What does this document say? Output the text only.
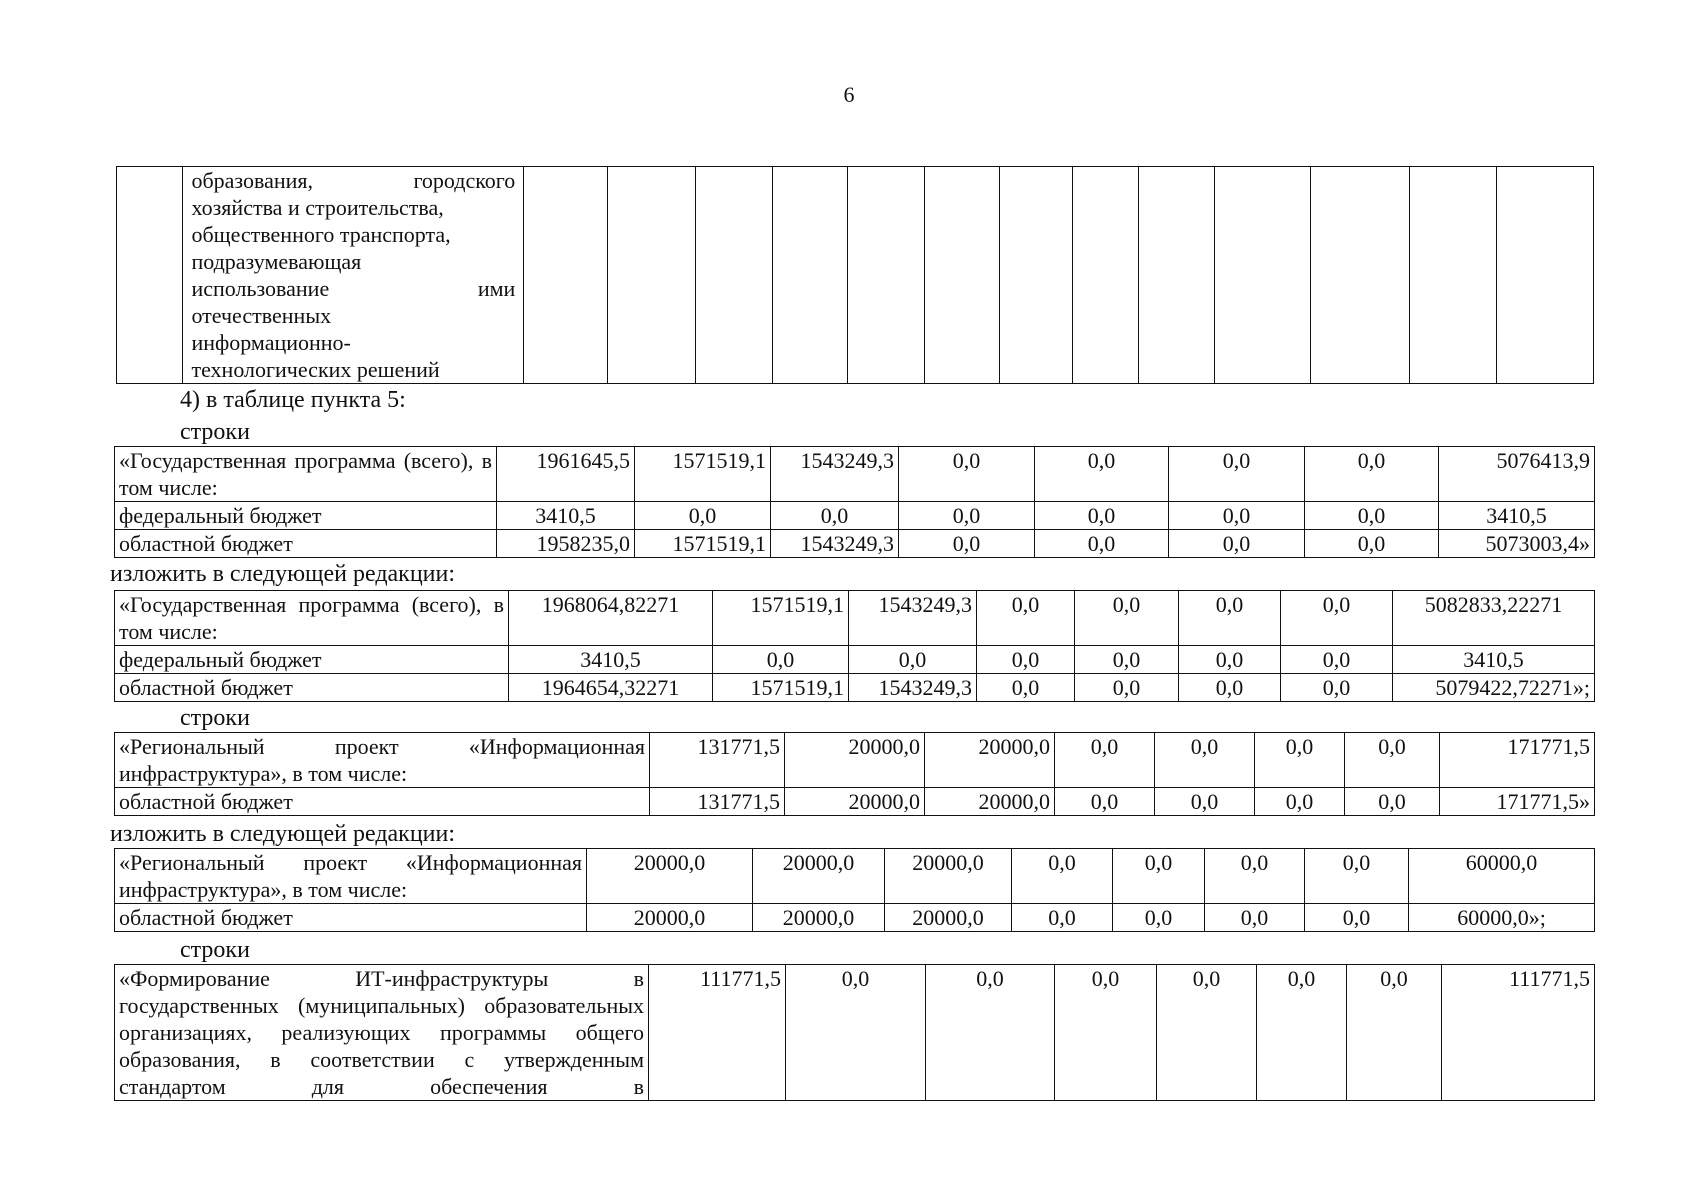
6

образования, городского
хозяйства и строительства,
общественного транспорта,
подразумевающая
использование ими
отечественных
информационно-
технологических решений

4) в таблице пункта 5:
строки
«Государственная программа (всего), в том числе:	1961645,5	1571519,1	1543249,3	0,0	0,0	0,0	0,0	5076413,9
федеральный бюджет	3410,5	0,0	0,0	0,0	0,0	0,0	0,0	3410,5
областной бюджет	1958235,0	1571519,1	1543249,3	0,0	0,0	0,0	0,0	5073003,4»
изложить в следующей редакции:
«Государственная программа (всего), в том числе:	1968064,82271	1571519,1	1543249,3	0,0	0,0	0,0	0,0	5082833,22271
федеральный бюджет	3410,5	0,0	0,0	0,0	0,0	0,0	0,0	3410,5
областной бюджет	1964654,32271	1571519,1	1543249,3	0,0	0,0	0,0	0,0	5079422,72271»;
строки
«Региональный проект «Информационная инфраструктура», в том числе:	131771,5	20000,0	20000,0	0,0	0,0	0,0	0,0	171771,5
областной бюджет	131771,5	20000,0	20000,0	0,0	0,0	0,0	0,0	171771,5»
изложить в следующей редакции:
«Региональный проект «Информационная инфраструктура», в том числе:	20000,0	20000,0	20000,0	0,0	0,0	0,0	0,0	60000,0
областной бюджет	20000,0	20000,0	20000,0	0,0	0,0	0,0	0,0	60000,0»;
строки
«Формирование ИТ-инфраструктуры в государственных (муниципальных) образовательных организациях, реализующих программы общего образования, в соответствии с утвержденным стандартом для обеспечения в	111771,5	0,0	0,0	0,0	0,0	0,0	0,0	111771,5
